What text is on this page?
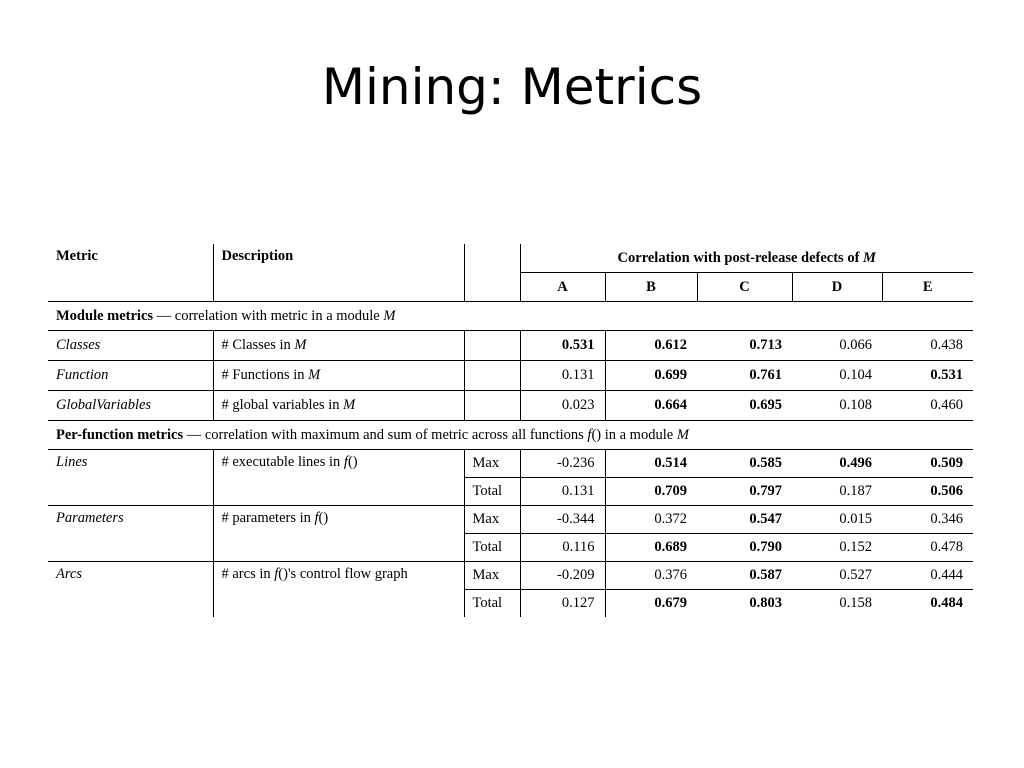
Mining: Metrics
Metric	Description		Correlation with post-release defects of M				
			A	B	C	D	E
Module metrics — correlation with metric in a module M							
Classes	# Classes in M		0.531	0.612	0.713	0.066	0.438
Function	# Functions in M		0.131	0.699	0.761	0.104	0.531
GlobalVariables	# global variables in M		0.023	0.664	0.695	0.108	0.460
Per-function metrics — correlation with maximum and sum of metric across all functions f() in a module M							
Lines	# executable lines in f()	Max	-0.236	0.514	0.585	0.496	0.509
		Total	0.131	0.709	0.797	0.187	0.506
Parameters	# parameters in f()	Max	-0.344	0.372	0.547	0.015	0.346
		Total	0.116	0.689	0.790	0.152	0.478
Arcs	# arcs in f()'s control flow graph	Max	-0.209	0.376	0.587	0.527	0.444
		Total	0.127	0.679	0.803	0.158	0.484
